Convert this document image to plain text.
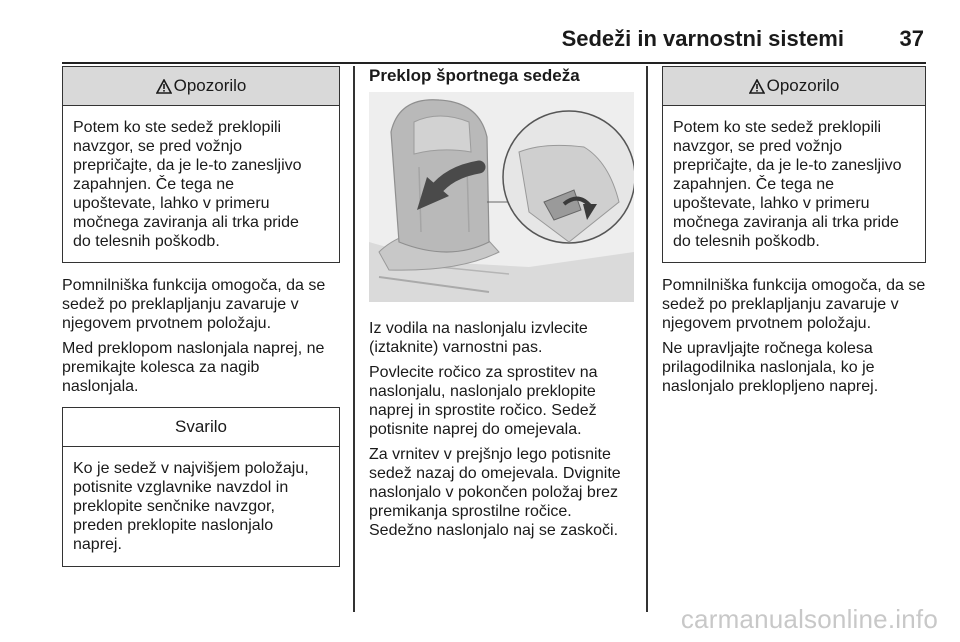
Sedeži in varnostni sistemi	37
Opozorilo
Potem ko ste sedež preklopili
navzgor, se pred vožnjo
prepričajte, da je le-to zanesljivo
zapahnjen. Če tega ne
upoštevate, lahko v primeru
močnega zaviranja ali trka pride
do telesnih poškodb.

Pomnilniška funkcija omogoča, da se
sedež po preklapljanju zavaruje v
njegovem prvotnem položaju.

Med preklopom naslonjala naprej, ne
premikajte kolesca za nagib
naslonjala.

Svarilo
Ko je sedež v najvišjem položaju,
potisnite vzglavnike navzdol in
preklopite senčnike navzgor,
preden preklopite naslonjalo
naprej.
Preklop športnega sedeža

Iz vodila na naslonjalu izvlecite
(iztaknite) varnostni pas.

Povlecite ročico za sprostitev na
naslonjalu, naslonjalo preklopite
naprej in sprostite ročico. Sedež
potisnite naprej do omejevala.

Za vrnitev v prejšnjo lego potisnite
sedež nazaj do omejevala. Dvignite
naslonjalo v pokončen položaj brez
premikanja sprostilne ročice.
Sedežno naslonjalo naj se zaskoči.

Opozorilo
Potem ko ste sedež preklopili
navzgor, se pred vožnjo
prepričajte, da je le-to zanesljivo
zapahnjen. Če tega ne
upoštevate, lahko v primeru
močnega zaviranja ali trka pride
do telesnih poškodb.

Pomnilniška funkcija omogoča, da se
sedež po preklapljanju zavaruje v
njegovem prvotnem položaju.

Ne upravljajte ročnega kolesa
prilagodilnika naslonjala, ko je
naslonjalo preklopljeno naprej.

carmanualsonline.info
